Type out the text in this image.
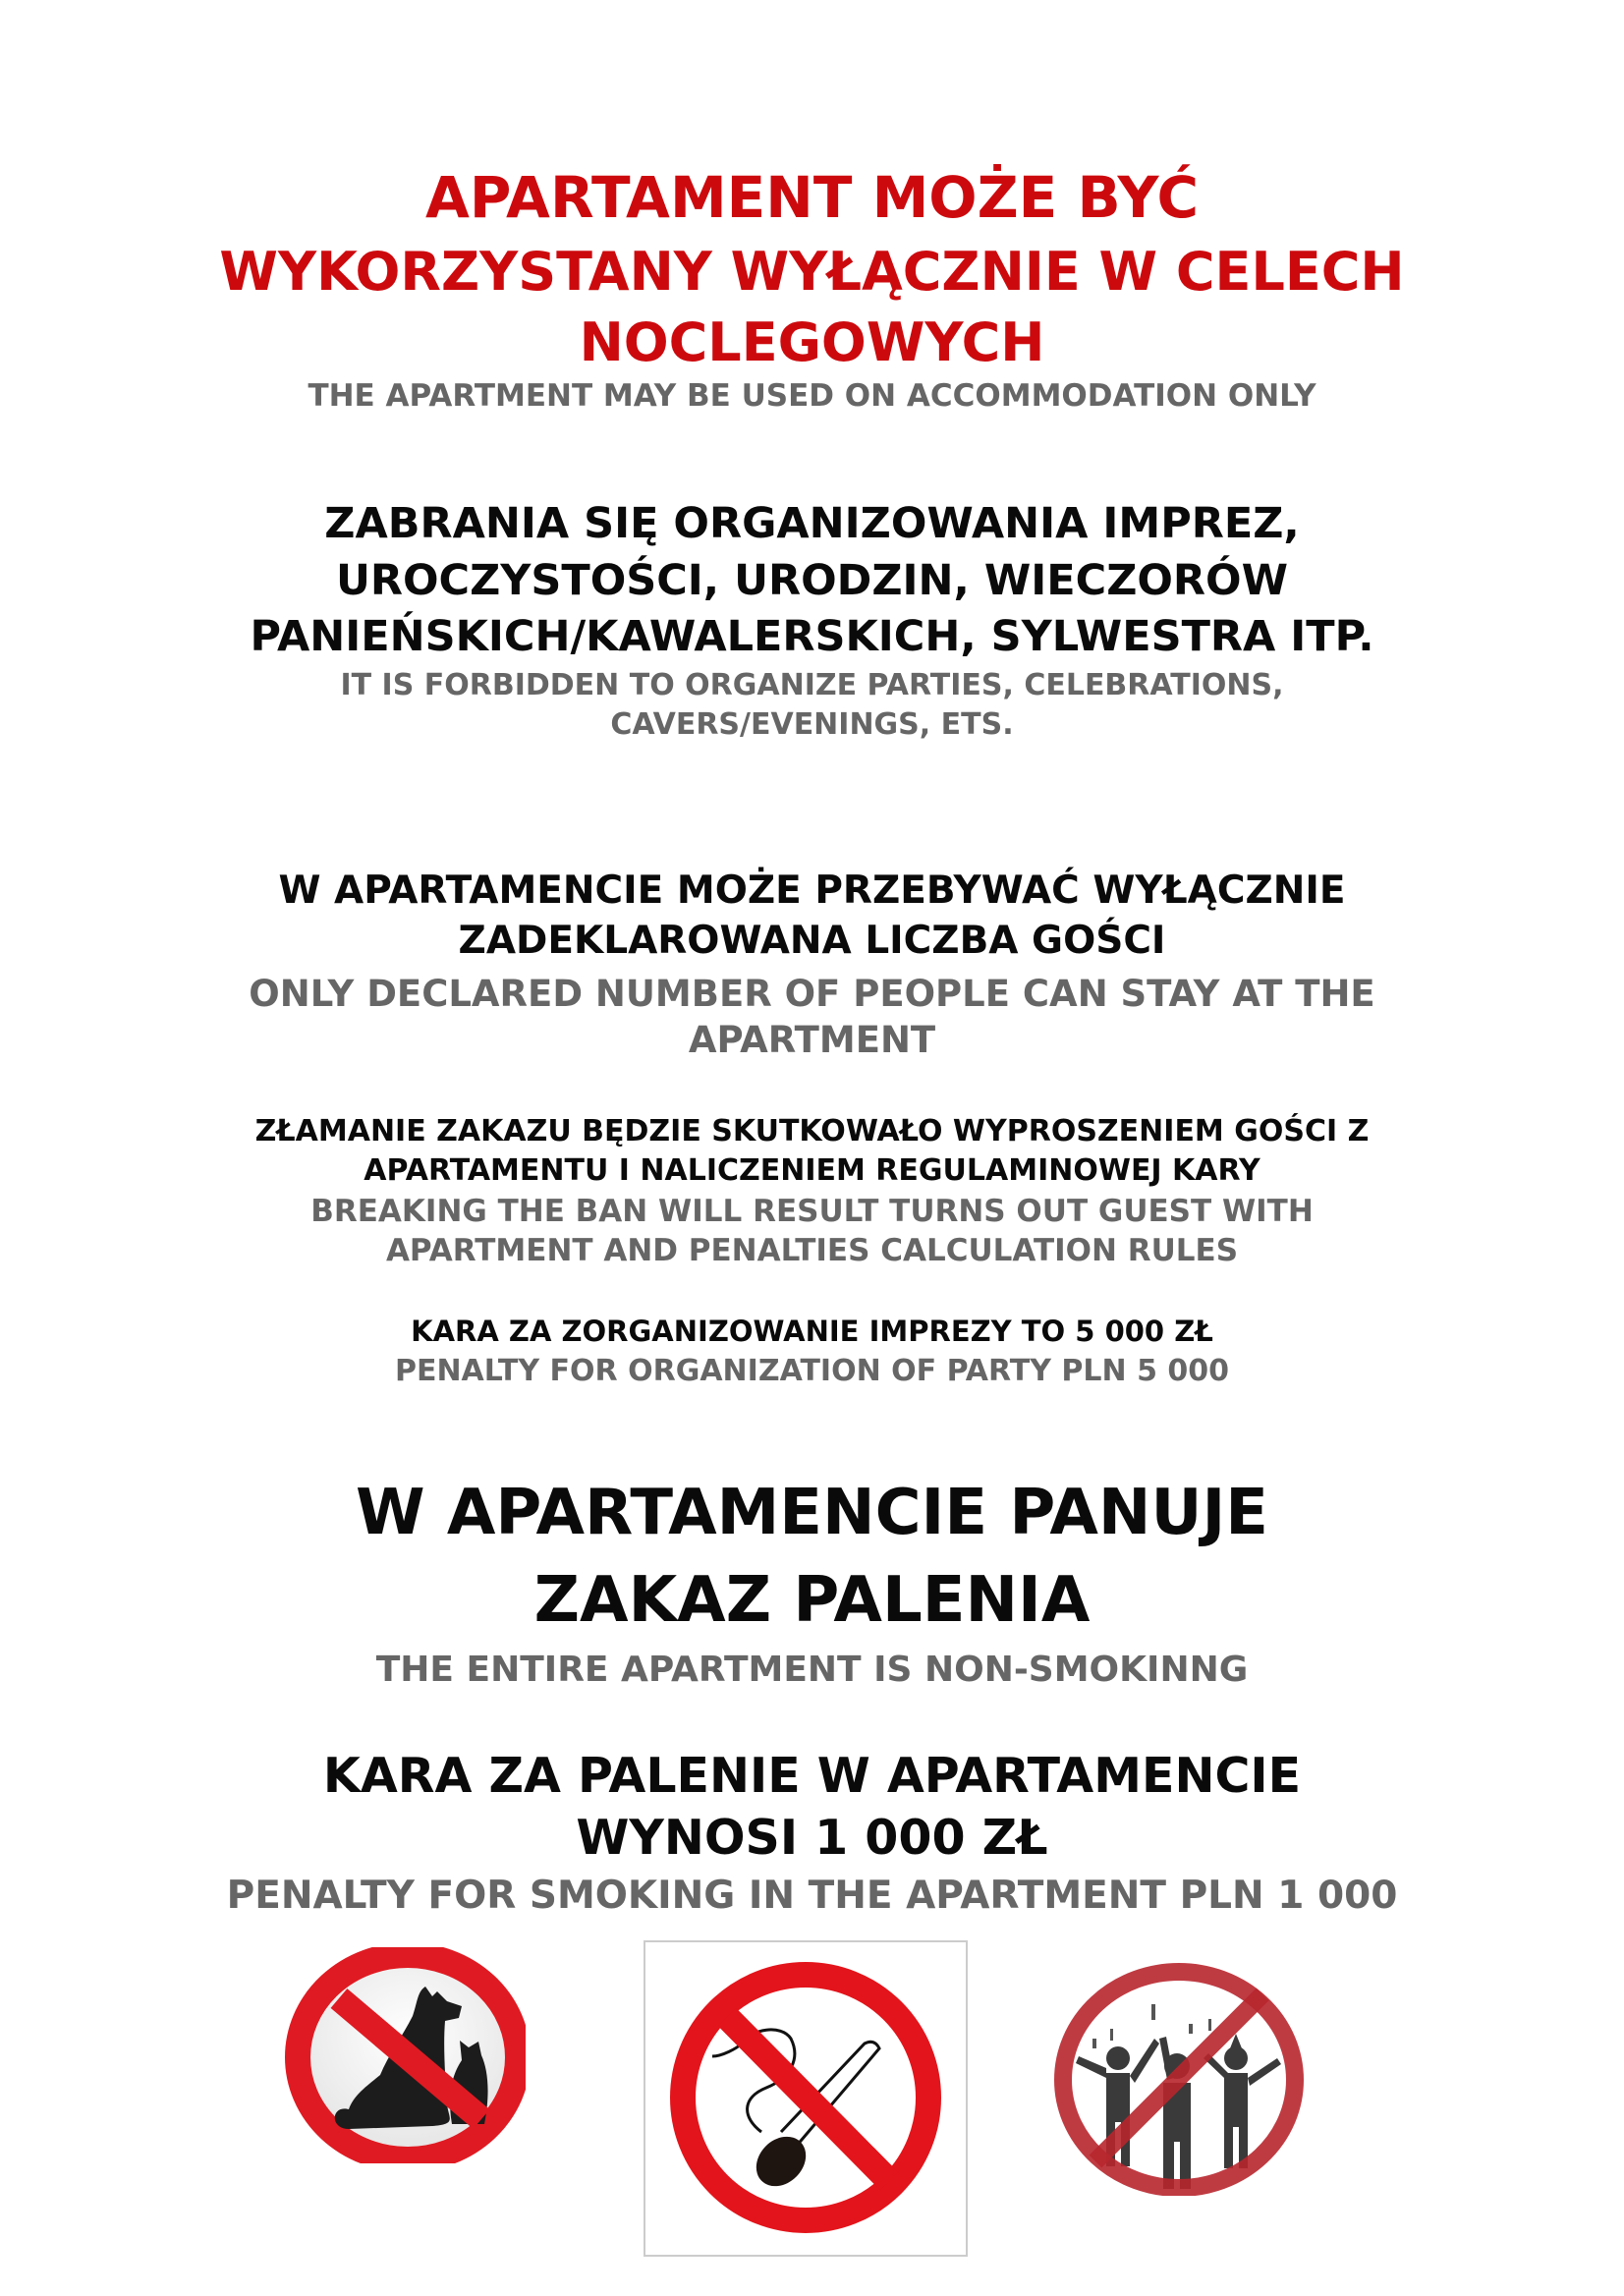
APARTAMENT MOŻE BYĆ
WYKORZYSTANY WYŁĄCZNIE W CELECH
NOCLEGOWYCH
THE APARTMENT MAY BE USED ON ACCOMMODATION ONLY
ZABRANIA SIĘ ORGANIZOWANIA IMPREZ,
UROCZYSTOŚCI, URODZIN, WIECZORÓW
PANIEŃSKICH/KAWALERSKICH, SYLWESTRA ITP.
IT IS FORBIDDEN TO ORGANIZE PARTIES, CELEBRATIONS,
CAVERS/EVENINGS, ETS.
W APARTAMENCIE MOŻE PRZEBYWAĆ WYŁĄCZNIE
ZADEKLAROWANA LICZBA GOŚCI
ONLY DECLARED NUMBER OF PEOPLE CAN STAY AT THE
APARTMENT
ZŁAMANIE ZAKAZU BĘDZIE SKUTKOWAŁO WYPROSZENIEM GOŚCI Z
APARTAMENTU I NALICZENIEM REGULAMINOWEJ KARY
BREAKING THE BAN WILL RESULT TURNS OUT GUEST WITH
APARTMENT AND PENALTIES CALCULATION RULES
KARA ZA ZORGANIZOWANIE IMPREZY TO 5 000 ZŁ
PENALTY FOR ORGANIZATION OF PARTY PLN 5 000
W APARTAMENCIE PANUJE
ZAKAZ PALENIA
THE ENTIRE APARTMENT IS NON-SMOKINNG
KARA ZA PALENIE W APARTAMENCIE
WYNOSI 1 000 ZŁ
PENALTY FOR SMOKING IN THE APARTMENT PLN 1 000
